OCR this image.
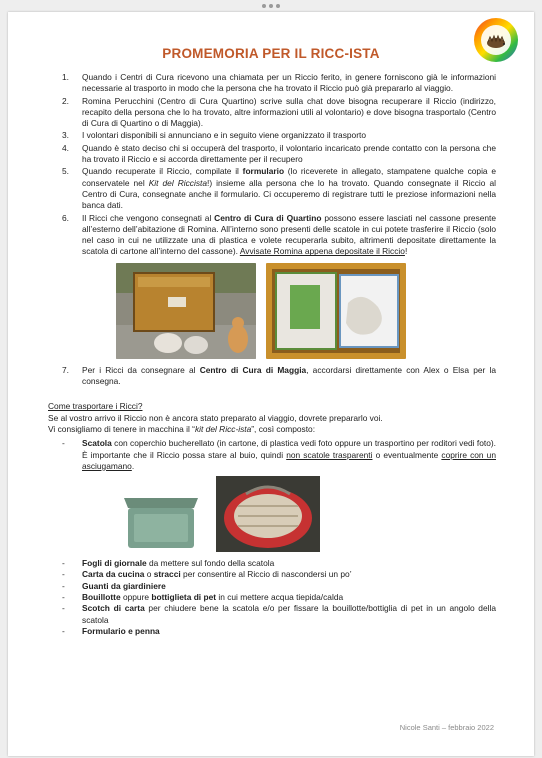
PROMEMORIA PER IL RICC-ISTA
1. Quando i Centri di Cura ricevono una chiamata per un Riccio ferito, in genere forniscono già le informazioni necessarie al trasporto in modo che la persona che ha trovato il Riccio può già prepararlo al viaggio.
2. Romina Perucchini (Centro di Cura Quartino) scrive sulla chat dove bisogna recuperare il Riccio (indirizzo, recapito della persona che lo ha trovato, altre informazioni utili al volontario) e dove bisogna trasportalo (Centro di Cura di Quartino o di Maggia).
3. I volontari disponibili si annunciano e in seguito viene organizzato il trasporto
4. Quando è stato deciso chi si occuperà del trasporto, il volontario incaricato prende contatto con la persona che ha trovato il Riccio e si accorda direttamente per il recupero
5. Quando recuperate il Riccio, compilate il formulario (lo riceverete in allegato, stampatene qualche copia e conservatele nel Kit del Riccista!) insieme alla persona che lo ha trovato. Quando consegnate il Riccio al Centro di Cura, consegnate anche il formulario. Ci occuperemo di registrare tutti le preziose informazioni nella banca dati.
6. Il Ricci che vengono consegnati al Centro di Cura di Quartino possono essere lasciati nel cassone presente all’esterno dell’abitazione di Romina. All’interno sono presenti delle scatole in cui potete trasferire il Riccio (solo nel caso in cui ne utilizzate una di plastica e volete recuperarla subito, altrimenti depositate direttamente la scatola di cartone all’interno del cassone). Avvisate Romina appena depositate il Riccio!
7. Per i Ricci da consegnare al Centro di Cura di Maggia, accordarsi direttamente con Alex o Elsa per la consegna.
Come trasportare i Ricci?
Se al vostro arrivo il Riccio non è ancora stato preparato al viaggio, dovrete prepararlo voi.
Vi consigliamo di tenere in macchina il “kit del Ricc-ista”, così composto:
- Scatola con coperchio bucherellato (in cartone, di plastica vedi foto oppure un trasportino per roditori vedi foto). È importante che il Riccio possa stare al buio, quindi non scatole trasparenti o eventualmente coprire con un asciugamano.
- Fogli di giornale da mettere sul fondo della scatola
- Carta da cucina o stracci per consentire al Riccio di nascondersi un po’
- Guanti da giardiniere
- Bouillotte oppure bottiglieta di pet in cui mettere acqua tiepida/calda
- Scotch di carta per chiudere bene la scatola e/o per fissare la bouillotte/bottiglia di pet in un angolo della scatola
- Formulario e penna
Nicole Santi – febbraio 2022
